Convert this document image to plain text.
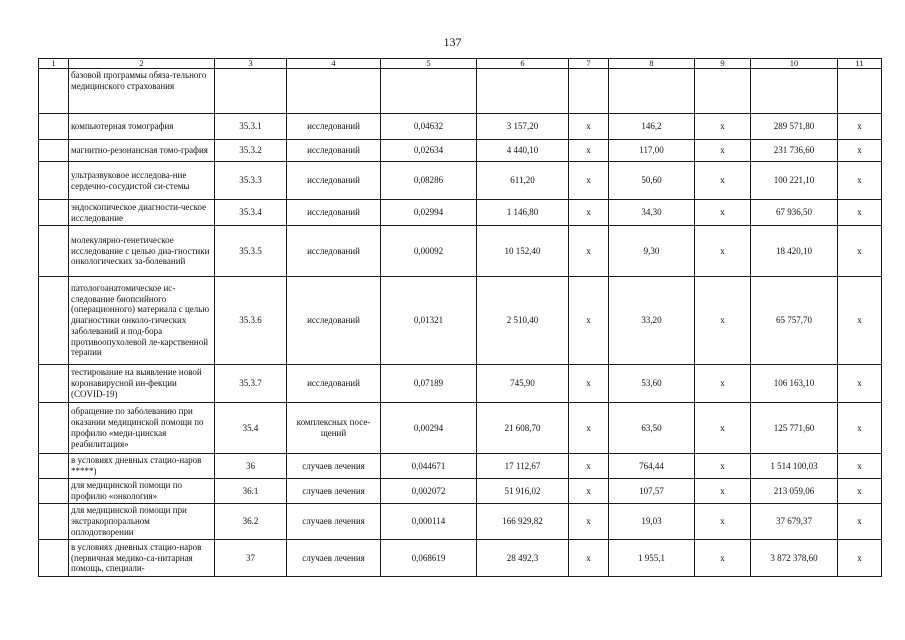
137
1	2	3	4	5	6	7	8	9	10	11
	базовой программы обяза-тельного медицинского страхования									
	компьютерная томография	35.3.1	исследований	0,04632	3 157,20	x	146,2	x	289 571,80	x
	магнитно-резонансная томо-графия	35.3.2	исследований	0,02634	4 440,10	x	117,00	x	231 736,60	x
	ультразвуковое исследова-ние сердечно-сосудистой си-стемы	35.3.3	исследований	0,08286	611,20	x	50,60	x	100 221,10	x
	эндоскопическое диагности-ческое исследование	35.3.4	исследований	0,02994	1 146,80	x	34,30	x	67 936,50	x
	молекулярно-генетическое исследование с целью диа-гностики онкологических за-болеваний	35.3.5	исследований	0,00092	10 152,40	x	9,30	x	18 420,10	x
	патологоанатомическое ис-следование биопсийного (операционного) материала с целью диагностики онколо-гических заболеваний и под-бора противоопухолевой ле-карственной терапии	35.3.6	исследований	0,01321	2 510,40	x	33,20	x	65 757,70	x
	тестирование на выявление новой коронавирусной ин-фекции (COVID-19)	35.3.7	исследований	0,07189	745,90	x	53,60	x	106 163,10	x
	обращение по заболеванию при оказании медицинской помощи по профилю «меди-цинская реабилитация»	35.4	комплексных посе-щений	0,00294	21 608,70	x	63,50	x	125 771,60	x
	в условиях дневных стацио-наров *****)	36	случаев лечения	0,044671	17 112,67	x	764,44	x	1 514 100,03	x
	для медицинской помощи по профилю «онкология»	36.1	случаев лечения	0,002072	51 916,02	x	107,57	x	213 059,06	x
	для медицинской помощи при экстракорпоральном оплодотворении	36.2	случаев лечения	0,000114	166 929,82	x	19,03	x	37 679,37	x
	в условиях дневных стацио-наров (первичная медико-са-нитарная помощь, специали-	37	случаев лечения	0,068619	28 492,3	x	1 955,1	x	3 872 378,60	x
